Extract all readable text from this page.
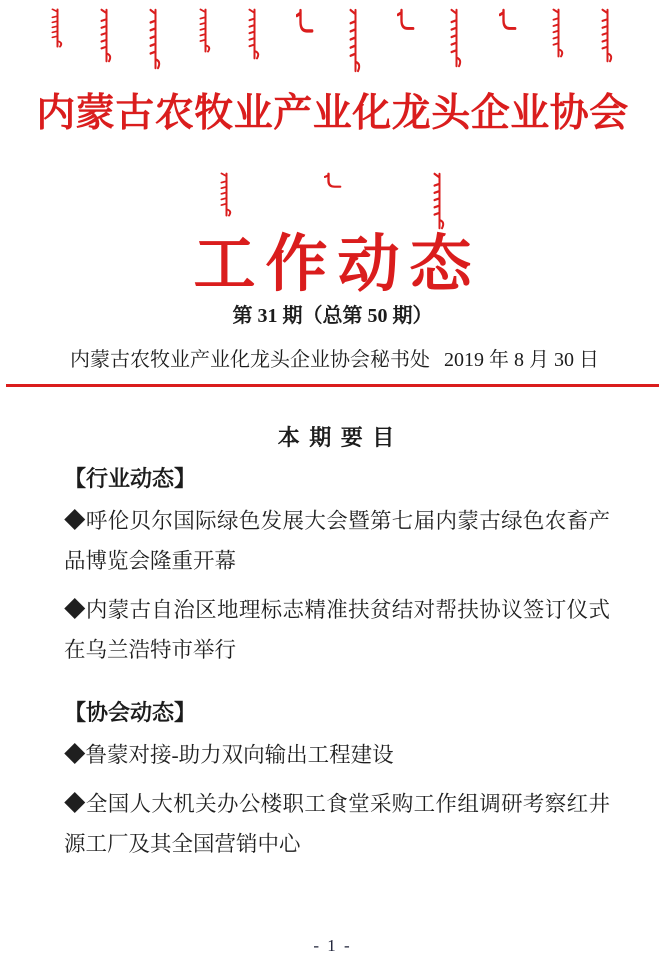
内蒙古农牧业产业化龙头企业协会
工作动态
第 31 期（总第 50 期）
内蒙古农牧业产业化龙头企业协会秘书处 2019 年 8 月 30 日
本 期 要 目
【行业动态】
◆呼伦贝尔国际绿色发展大会暨第七届内蒙古绿色农畜产品博览会隆重开幕
◆内蒙古自治区地理标志精准扶贫结对帮扶协议签订仪式在乌兰浩特市举行
【协会动态】
◆鲁蒙对接-助力双向输出工程建设
◆全国人大机关办公楼职工食堂采购工作组调研考察红井源工厂及其全国营销中心
- 1 -
